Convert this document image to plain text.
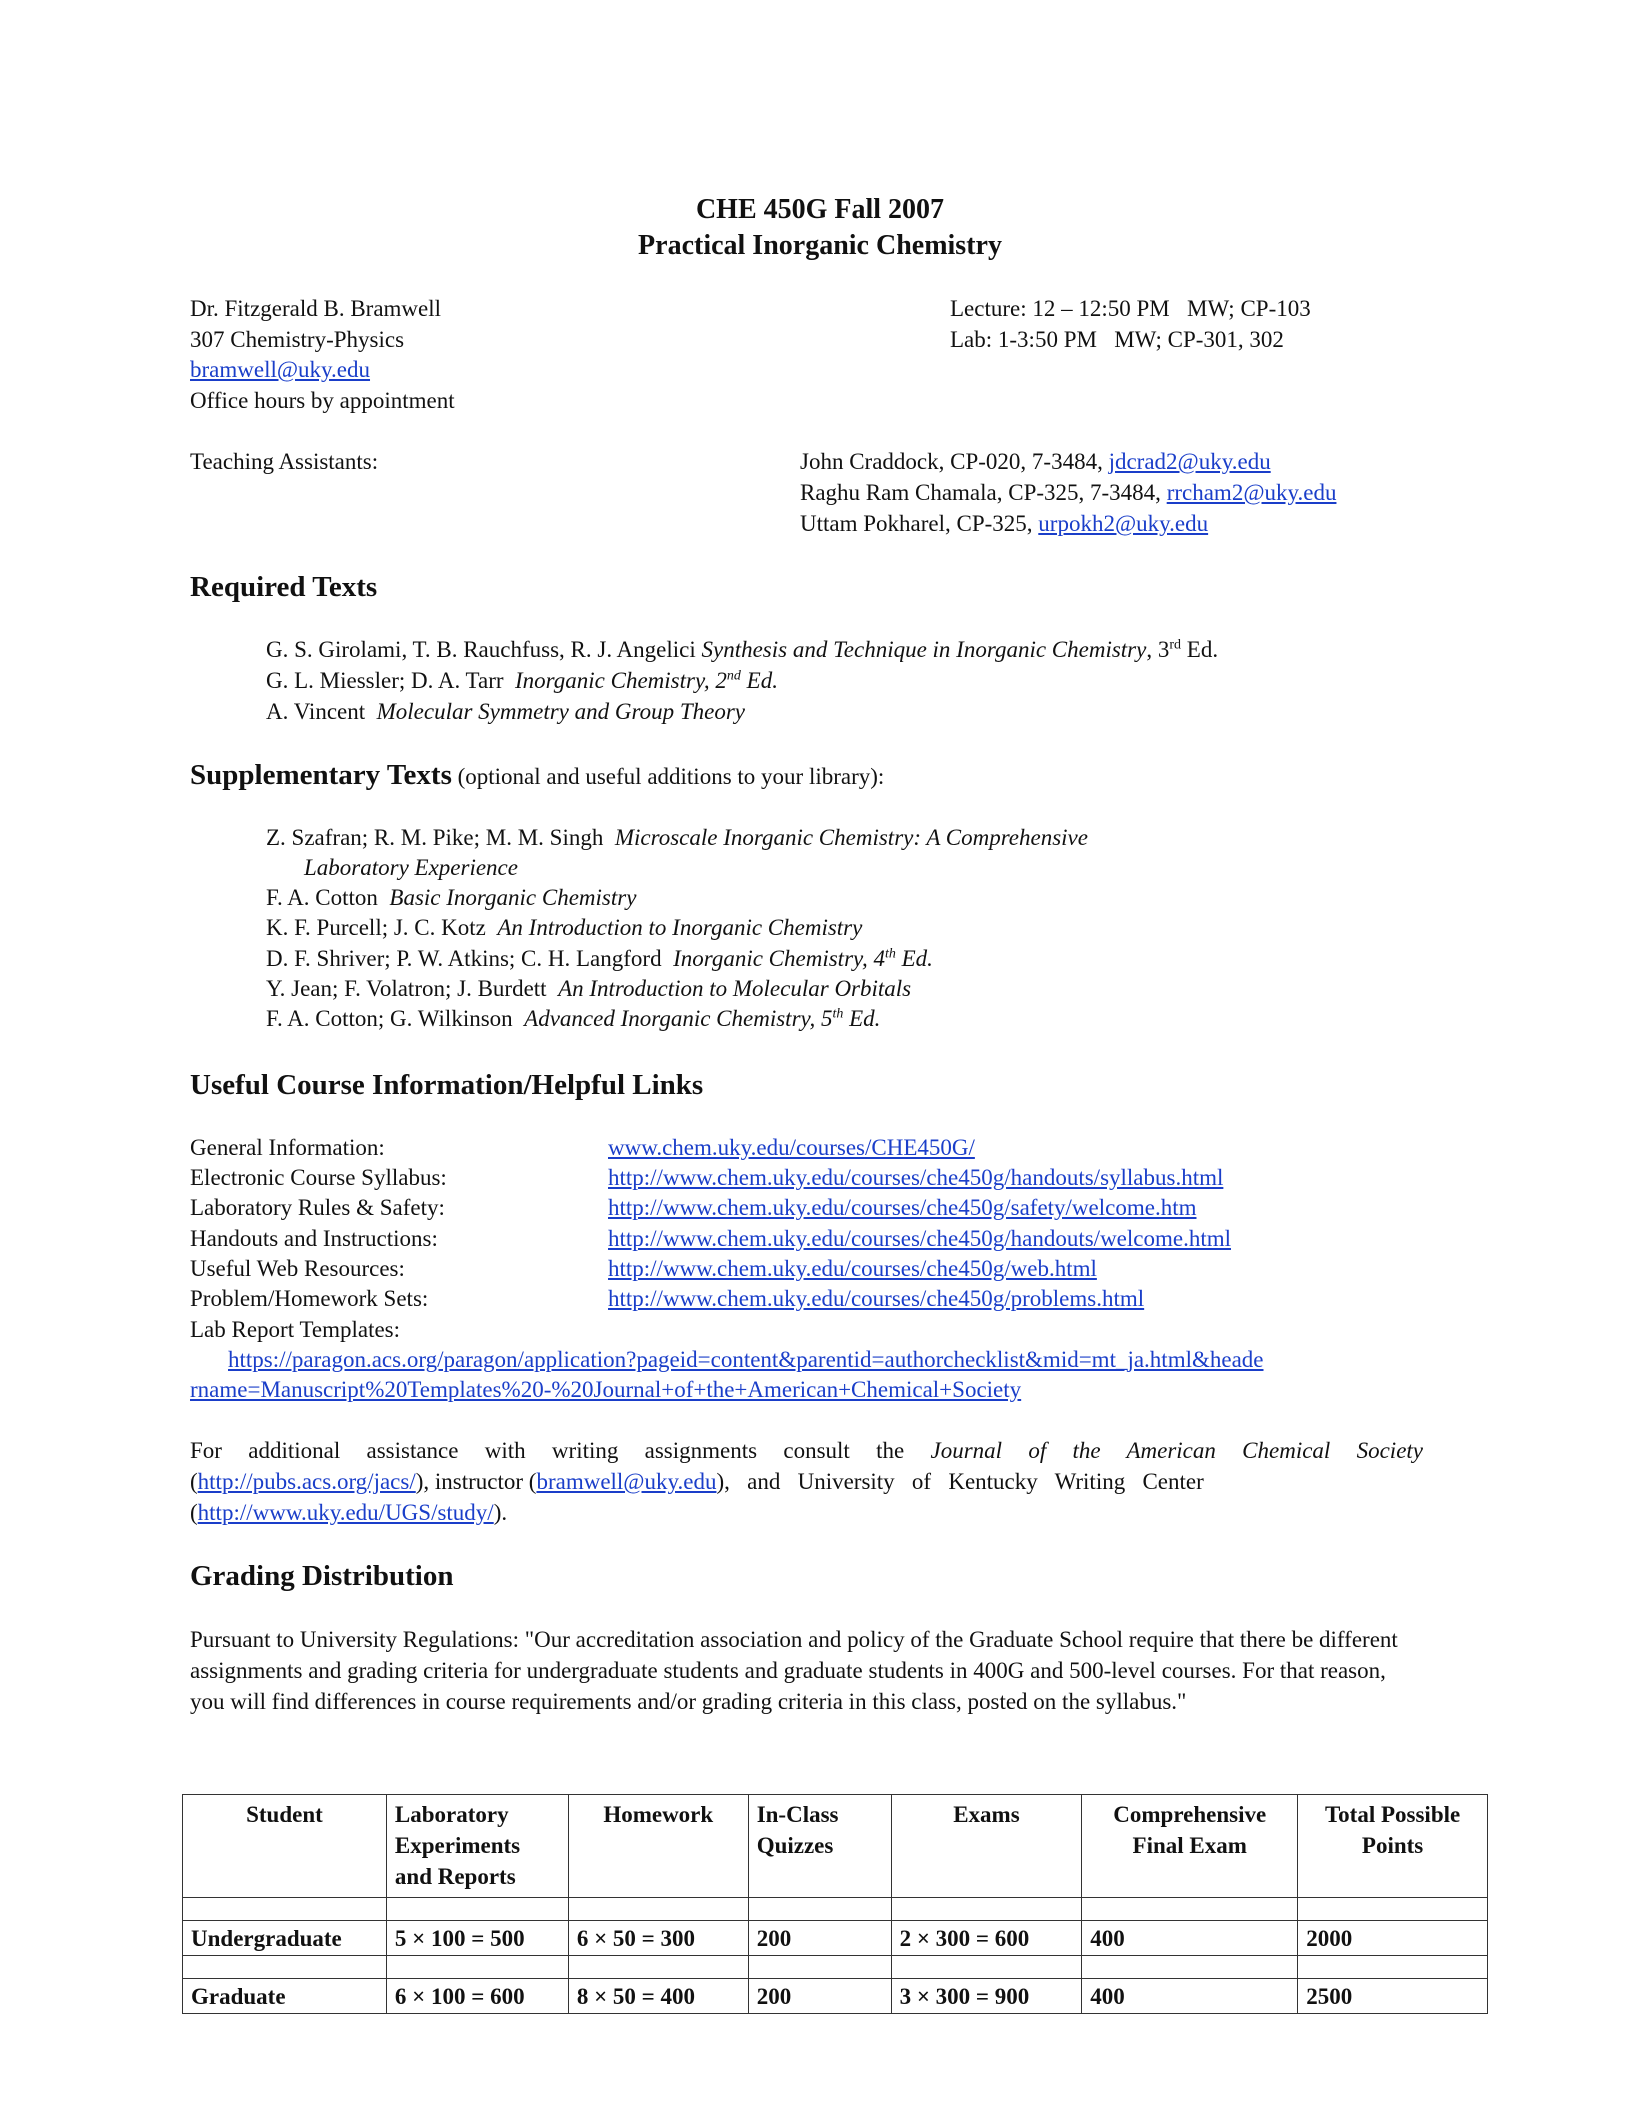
CHE 450G Fall 2007
Practical Inorganic Chemistry
Dr. Fitzgerald B. Bramwell
307 Chemistry-Physics
bramwell@uky.edu
Office hours by appointment
Lecture: 12 – 12:50 PM   MW; CP-103
Lab: 1-3:50 PM   MW; CP-301, 302
Teaching Assistants:	John Craddock, CP-020, 7-3484, jdcrad2@uky.edu
Raghu Ram Chamala, CP-325, 7-3484, rrcham2@uky.edu
Uttam Pokharel, CP-325, urpokh2@uky.edu
Required Texts
G. S. Girolami, T. B. Rauchfuss, R. J. Angelici Synthesis and Technique in Inorganic Chemistry, 3rd Ed.
G. L. Miessler; D. A. Tarr  Inorganic Chemistry, 2nd Ed.
A. Vincent  Molecular Symmetry and Group Theory
Supplementary Texts (optional and useful additions to your library):
Z. Szafran; R. M. Pike; M. M. Singh  Microscale Inorganic Chemistry: A Comprehensive
Laboratory Experience
F. A. Cotton  Basic Inorganic Chemistry
K. F. Purcell; J. C. Kotz  An Introduction to Inorganic Chemistry
D. F. Shriver; P. W. Atkins; C. H. Langford  Inorganic Chemistry, 4th Ed.
Y. Jean; F. Volatron; J. Burdett  An Introduction to Molecular Orbitals
F. A. Cotton; G. Wilkinson  Advanced Inorganic Chemistry, 5th Ed.
Useful Course Information/Helpful Links
General Information:	www.chem.uky.edu/courses/CHE450G/
Electronic Course Syllabus:	http://www.chem.uky.edu/courses/che450g/handouts/syllabus.html
Laboratory Rules & Safety:	http://www.chem.uky.edu/courses/che450g/safety/welcome.htm
Handouts and Instructions:	http://www.chem.uky.edu/courses/che450g/handouts/welcome.html
Useful Web Resources:	http://www.chem.uky.edu/courses/che450g/web.html
Problem/Homework Sets:	http://www.chem.uky.edu/courses/che450g/problems.html
Lab Report Templates:
https://paragon.acs.org/paragon/application?pageid=content&parentid=authorchecklist&mid=mt_ja.html&heade
rname=Manuscript%20Templates%20-%20Journal+of+the+American+Chemical+Society
For additional assistance with writing assignments consult the Journal of the American Chemical Society
(http://pubs.acs.org/jacs/), instructor (bramwell@uky.edu),   and   University   of   Kentucky   Writing   Center
(http://www.uky.edu/UGS/study/).
Grading Distribution
Pursuant to University Regulations: "Our accreditation association and policy of the Graduate School require that there be different assignments and grading criteria for undergraduate students and graduate students in 400G and 500-level courses. For that reason, you will find differences in course requirements and/or grading criteria in this class, posted on the syllabus."
Student	Laboratory Experiments and Reports	Homework	In-Class Quizzes	Exams	Comprehensive Final Exam	Total Possible Points

Undergraduate	5 × 100 = 500	6 × 50 = 300	200	2 × 300 = 600	400	2000

Graduate	6 × 100 = 600	8 × 50 = 400	200	3 × 300 = 900	400	2500
